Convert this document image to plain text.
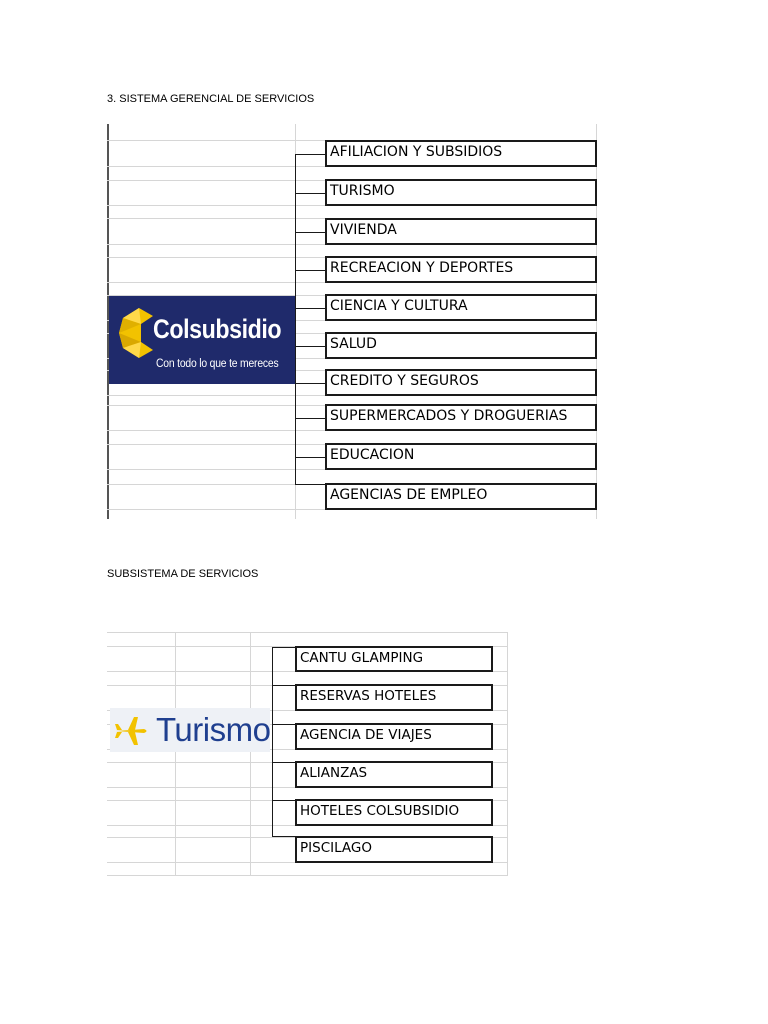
3. SISTEMA GERENCIAL DE SERVICIOS
Colsubsidio
Con todo lo que te mereces
AFILIACION Y SUBSIDIOS
TURISMO
VIVIENDA
RECREACION Y DEPORTES
CIENCIA Y CULTURA
SALUD
CREDITO Y SEGUROS
SUPERMERCADOS Y DROGUERIAS
EDUCACION
AGENCIAS DE EMPLEO
SUBSISTEMA DE SERVICIOS
Turismo
CANTU GLAMPING
RESERVAS HOTELES
AGENCIA DE VIAJES
ALIANZAS
HOTELES COLSUBSIDIO
PISCILAGO
